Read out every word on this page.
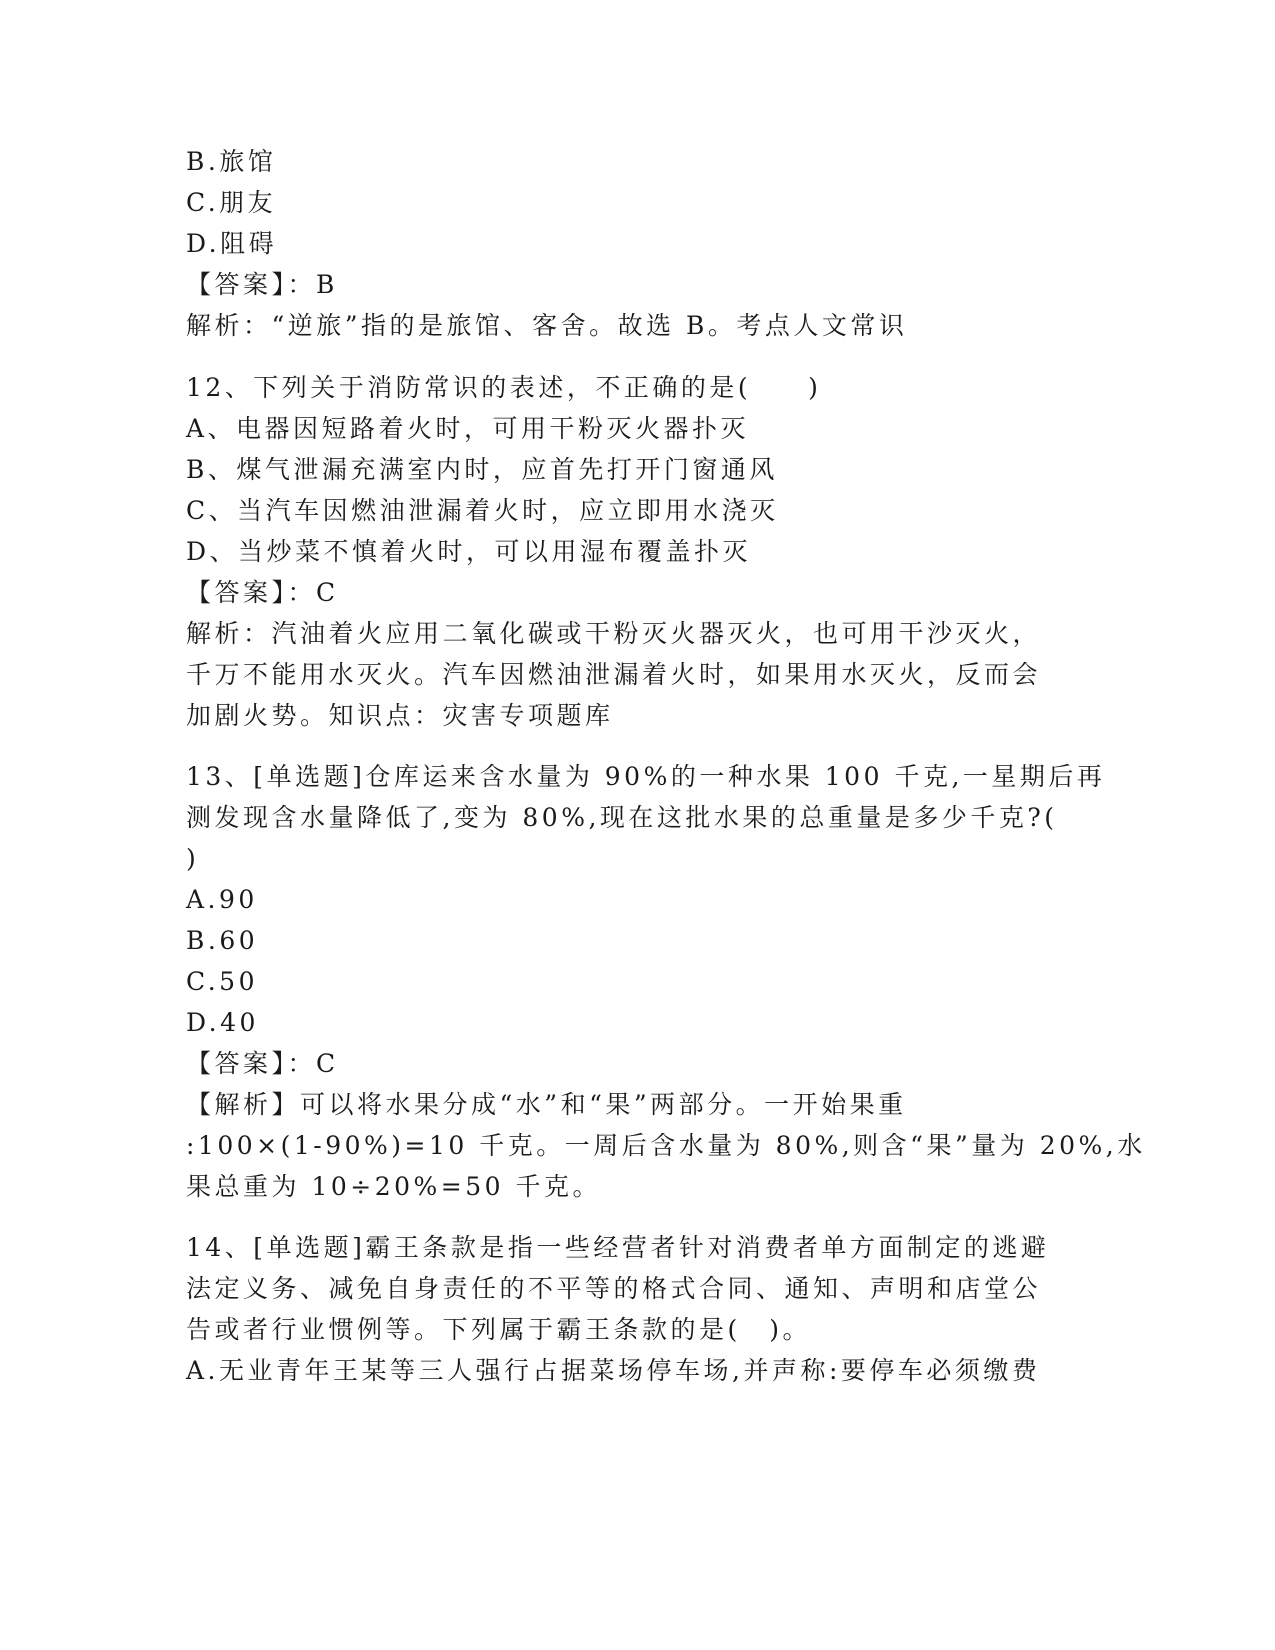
B.旅馆
C.朋友
D.阻碍
【答案】：B
解析：“逆旅”指的是旅馆、客舍。故选 B。考点人文常识
12、下列关于消防常识的表述，不正确的是(　　)
A、电器因短路着火时，可用干粉灭火器扑灭
B、煤气泄漏充满室内时，应首先打开门窗通风
C、当汽车因燃油泄漏着火时，应立即用水浇灭
D、当炒菜不慎着火时，可以用湿布覆盖扑灭
【答案】：C
解析：汽油着火应用二氧化碳或干粉灭火器灭火，也可用干沙灭火，
千万不能用水灭火。汽车因燃油泄漏着火时，如果用水灭火，反而会
加剧火势。知识点：灾害专项题库
13、[单选题]仓库运来含水量为 90%的一种水果 100 千克,一星期后再
测发现含水量降低了,变为 80%,现在这批水果的总重量是多少千克?(
)
A.90
B.60
C.50
D.40
【答案】：C
【解析】可以将水果分成“水”和“果”两部分。一开始果重
:100×(1-90%)=10 千克。一周后含水量为 80%,则含“果”量为 20%,水
果总重为 10÷20%=50 千克。
14、[单选题]霸王条款是指一些经营者针对消费者单方面制定的逃避
法定义务、减免自身责任的不平等的格式合同、通知、声明和店堂公
告或者行业惯例等。下列属于霸王条款的是(　)。
A.无业青年王某等三人强行占据菜场停车场,并声称:要停车必须缴费
